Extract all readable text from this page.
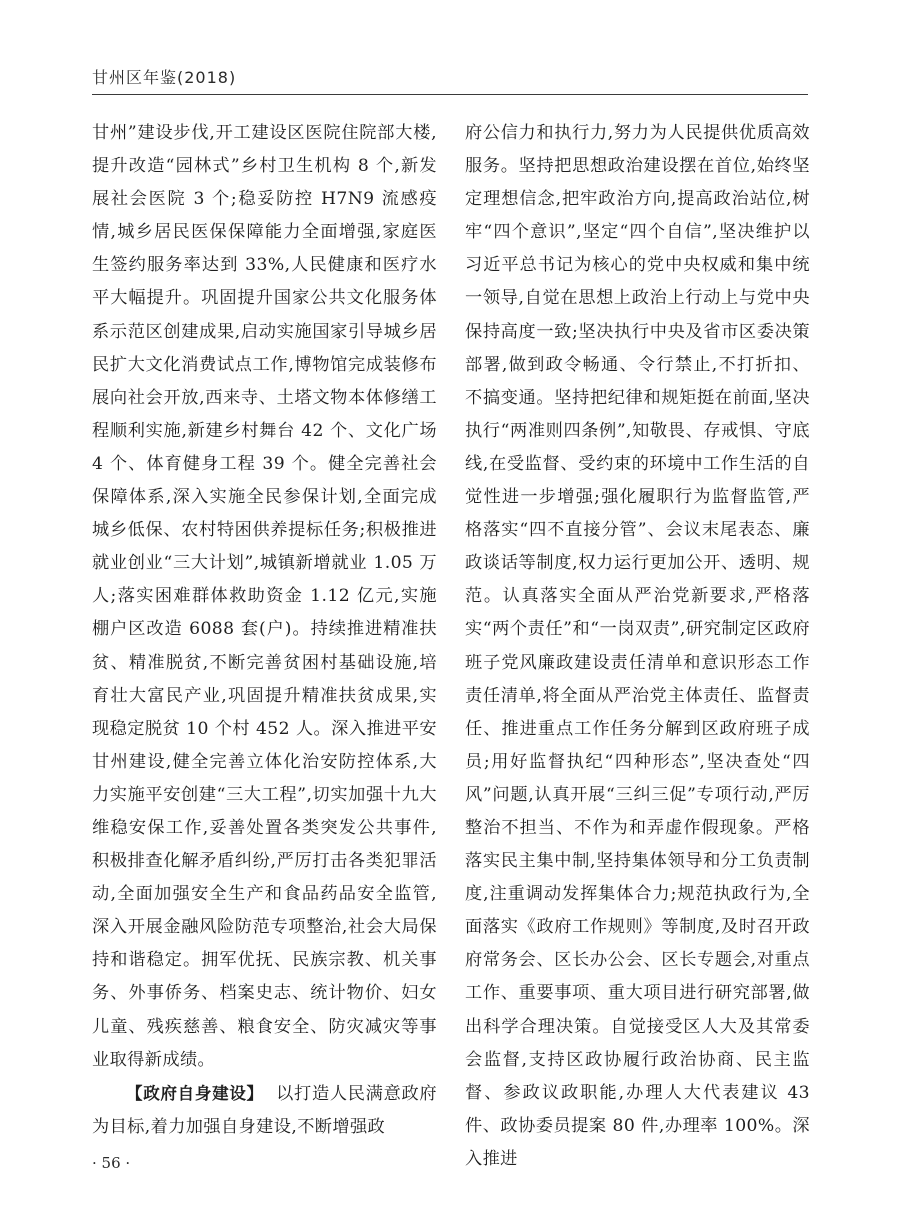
甘州区年鉴(2018)

甘州”建设步伐,开工建设区医院住院部大楼,提升改造“园林式”乡村卫生机构 8 个,新发展社会医院 3 个;稳妥防控 H7N9 流感疫情,城乡居民医保保障能力全面增强,家庭医生签约服务率达到 33%,人民健康和医疗水平大幅提升。巩固提升国家公共文化服务体系示范区创建成果,启动实施国家引导城乡居民扩大文化消费试点工作,博物馆完成装修布展向社会开放,西来寺、土塔文物本体修缮工程顺利实施,新建乡村舞台 42 个、文化广场 4 个、体育健身工程 39 个。健全完善社会保障体系,深入实施全民参保计划,全面完成城乡低保、农村特困供养提标任务;积极推进就业创业“三大计划”,城镇新增就业 1.05 万人;落实困难群体救助资金 1.12 亿元,实施棚户区改造 6088 套(户)。持续推进精准扶贫、精准脱贫,不断完善贫困村基础设施,培育壮大富民产业,巩固提升精准扶贫成果,实现稳定脱贫 10 个村 452 人。深入推进平安甘州建设,健全完善立体化治安防控体系,大力实施平安创建“三大工程”,切实加强十九大维稳安保工作,妥善处置各类突发公共事件,积极排查化解矛盾纠纷,严厉打击各类犯罪活动,全面加强安全生产和食品药品安全监管,深入开展金融风险防范专项整治,社会大局保持和谐稳定。拥军优抚、民族宗教、机关事务、外事侨务、档案史志、统计物价、妇女儿童、残疾慈善、粮食安全、防灾减灾等事业取得新成绩。

【政府自身建设】 以打造人民满意政府为目标,着力加强自身建设,不断增强政

府公信力和执行力,努力为人民提供优质高效服务。坚持把思想政治建设摆在首位,始终坚定理想信念,把牢政治方向,提高政治站位,树牢“四个意识”,坚定“四个自信”,坚决维护以习近平总书记为核心的党中央权威和集中统一领导,自觉在思想上政治上行动上与党中央保持高度一致;坚决执行中央及省市区委决策部署,做到政令畅通、令行禁止,不打折扣、不搞变通。坚持把纪律和规矩挺在前面,坚决执行“两准则四条例”,知敬畏、存戒惧、守底线,在受监督、受约束的环境中工作生活的自觉性进一步增强;强化履职行为监督监管,严格落实“四不直接分管”、会议末尾表态、廉政谈话等制度,权力运行更加公开、透明、规范。认真落实全面从严治党新要求,严格落实“两个责任”和“一岗双责”,研究制定区政府班子党风廉政建设责任清单和意识形态工作责任清单,将全面从严治党主体责任、监督责任、推进重点工作任务分解到区政府班子成员;用好监督执纪“四种形态”,坚决查处“四风”问题,认真开展“三纠三促”专项行动,严厉整治不担当、不作为和弄虚作假现象。严格落实民主集中制,坚持集体领导和分工负责制度,注重调动发挥集体合力;规范执政行为,全面落实《政府工作规则》等制度,及时召开政府常务会、区长办公会、区长专题会,对重点工作、重要事项、重大项目进行研究部署,做出科学合理决策。自觉接受区人大及其常委会监督,支持区政协履行政治协商、民主监督、参政议政职能,办理人大代表建议 43 件、政协委员提案 80 件,办理率 100%。深入推进

· 56 ·
